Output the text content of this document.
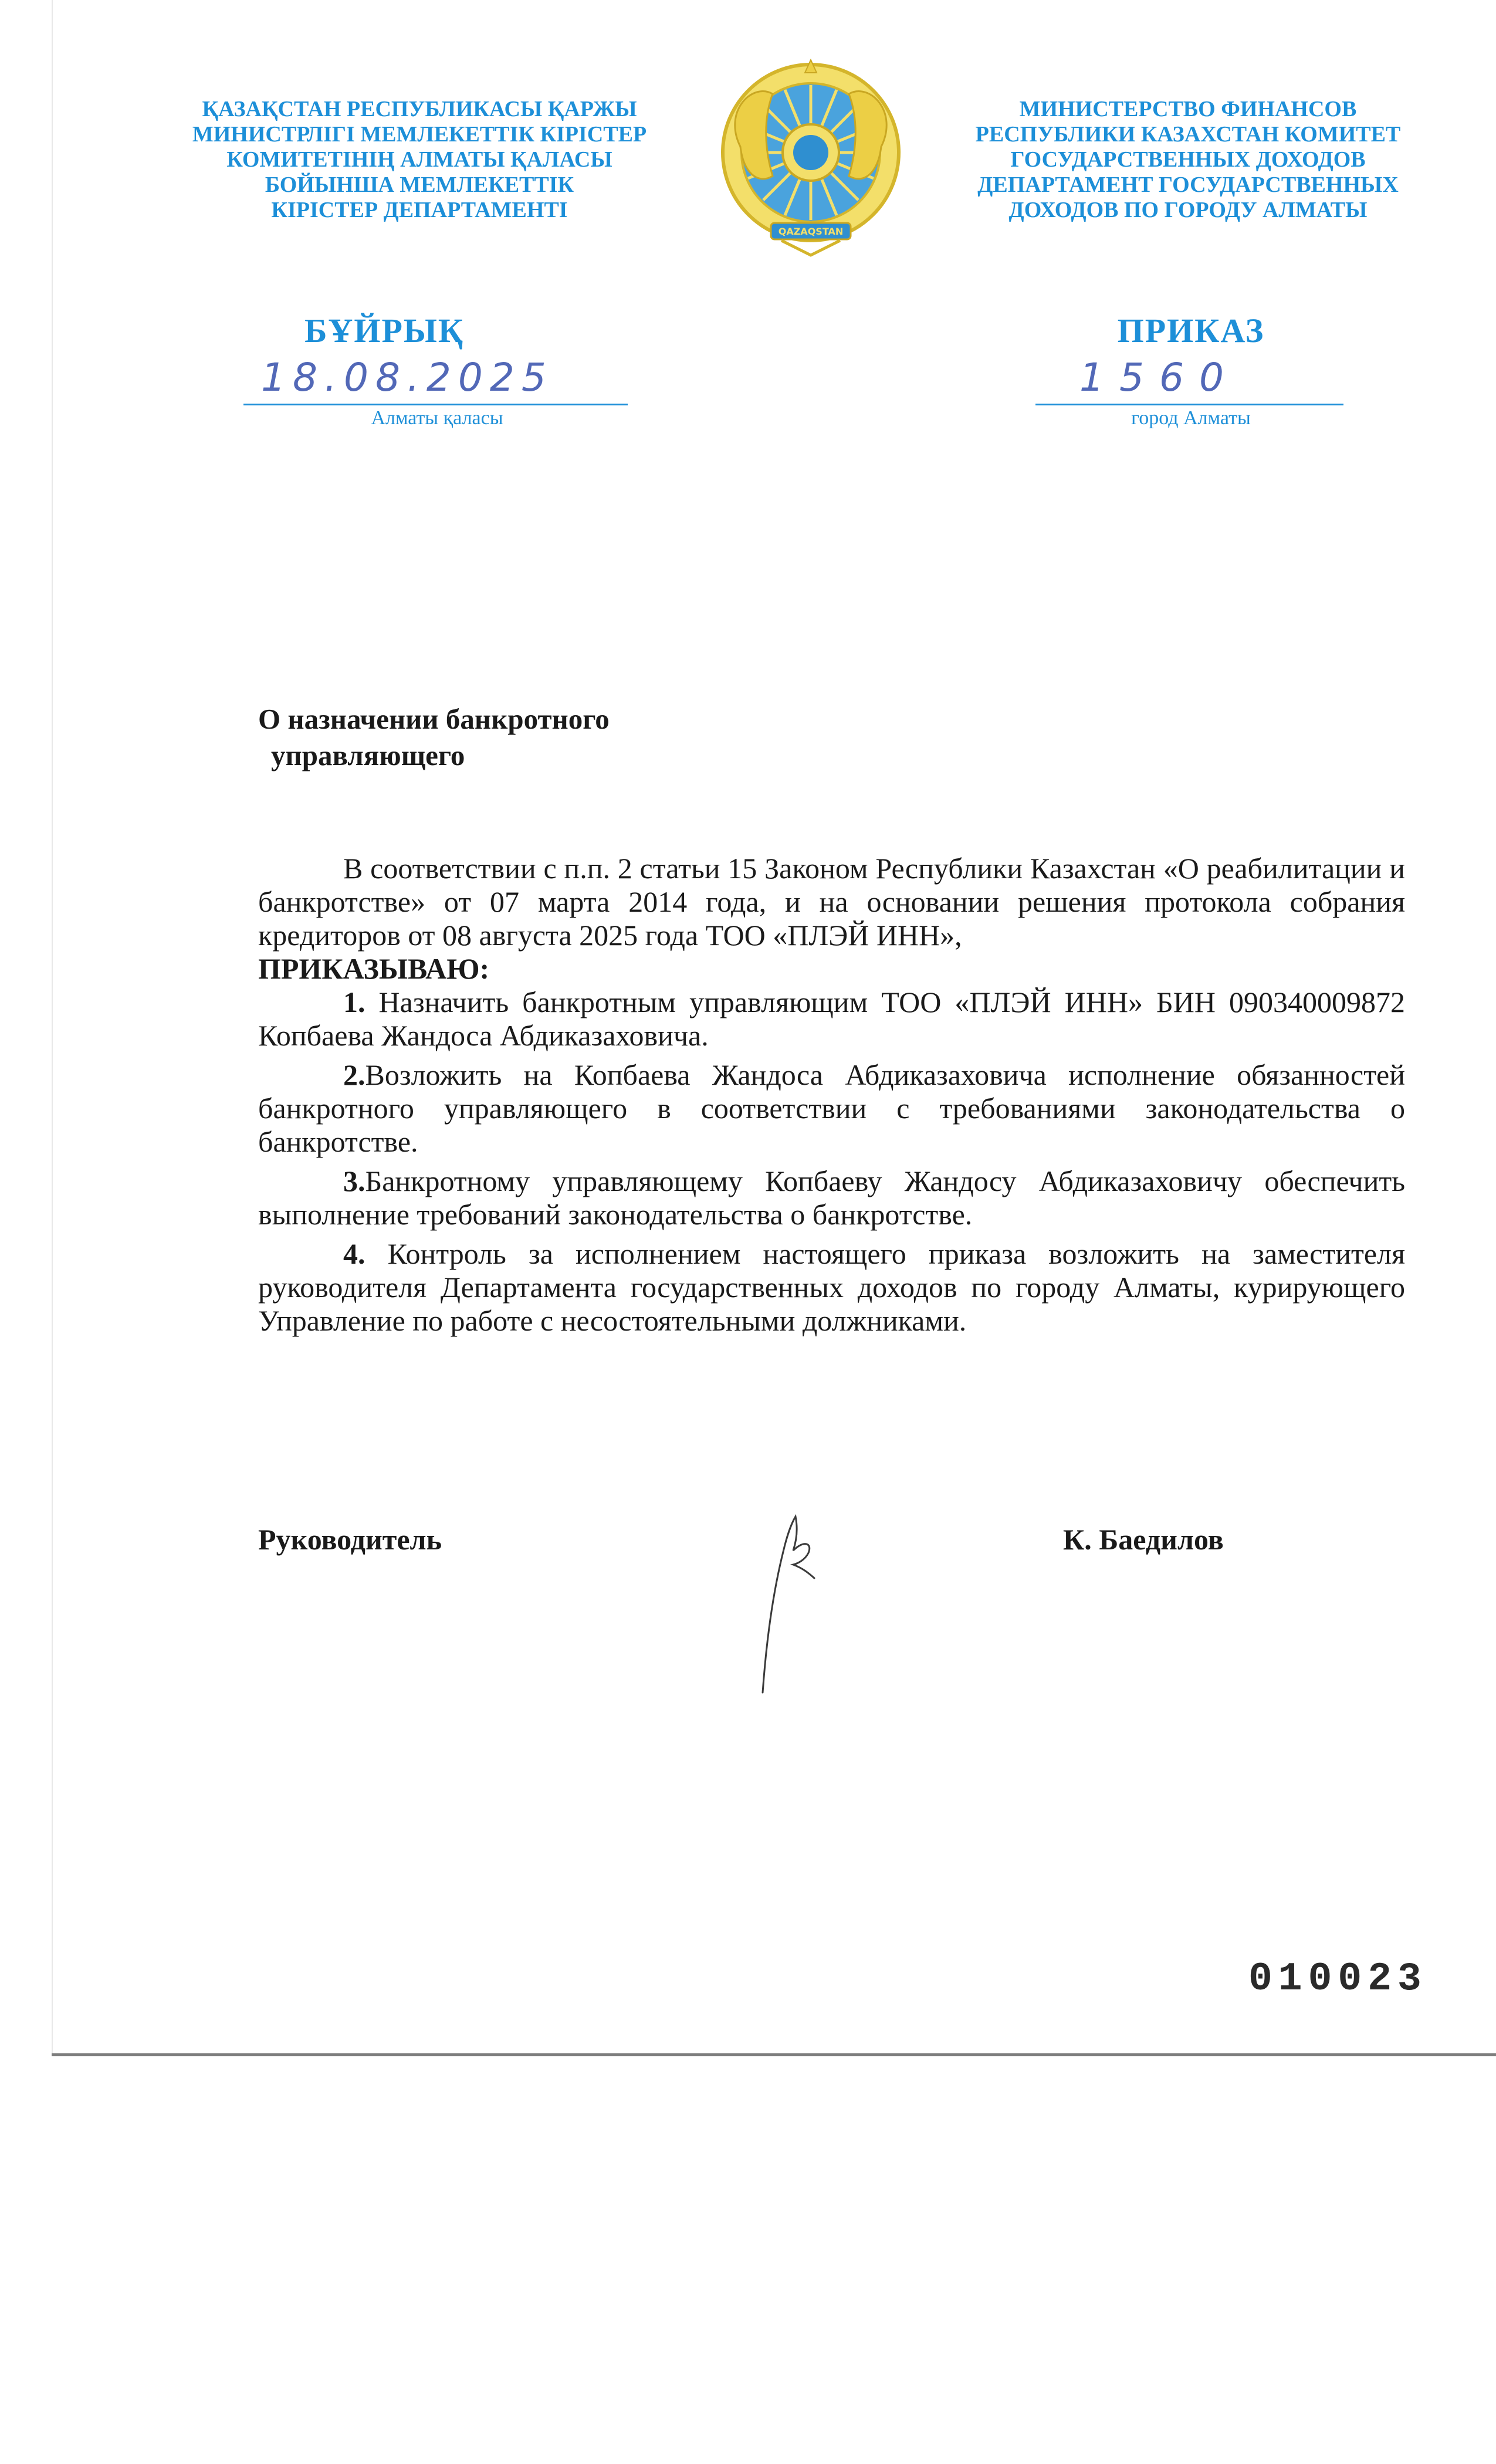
ҚАЗАҚСТАН РЕСПУБЛИКАСЫ ҚАРЖЫ
МИНИСТРЛІГІ МЕМЛЕКЕТТІК КІРІСТЕР
КОМИТЕТІНІҢ АЛМАТЫ ҚАЛАСЫ
БОЙЫНША МЕМЛЕКЕТТІК
КІРІСТЕР ДЕПАРТАМЕНТІ
QAZAQSTAN
МИНИСТЕРСТВО ФИНАНСОВ
РЕСПУБЛИКИ КАЗАХСТАН КОМИТЕТ
ГОСУДАРСТВЕННЫХ ДОХОДОВ
ДЕПАРТАМЕНТ ГОСУДАРСТВЕННЫХ
ДОХОДОВ ПО ГОРОДУ АЛМАТЫ
БҰЙРЫҚ	ПРИКАЗ
18.08.2025	1560
Алматы қаласы	город Алматы
О назначении банкротного
управляющего

В соответствии с п.п. 2 статьи 15 Законом Республики Казахстан «О реабилитации и банкротстве» от 07 марта 2014 года, и на основании решения протокола собрания кредиторов от 08 августа 2025 года ТОО «ПЛЭЙ ИНН»,

ПРИКАЗЫВАЮ:

1. Назначить банкротным управляющим ТОО «ПЛЭЙ ИНН» БИН 090340009872 Копбаева Жандоса Абдиказаховича.

2.Возложить на Копбаева Жандоса Абдиказаховича исполнение обязанностей банкротного управляющего в соответствии с требованиями законодательства о банкротстве.

3.Банкротному управляющему Копбаеву Жандосу Абдиказаховичу обеспечить выполнение требований законодательства о банкротстве.

4. Контроль за исполнением настоящего приказа возложить на заместителя руководителя Департамента государственных доходов по городу Алматы, курирующего Управление по работе с несостоятельными должниками.

Руководитель	К. Баедилов
010023
